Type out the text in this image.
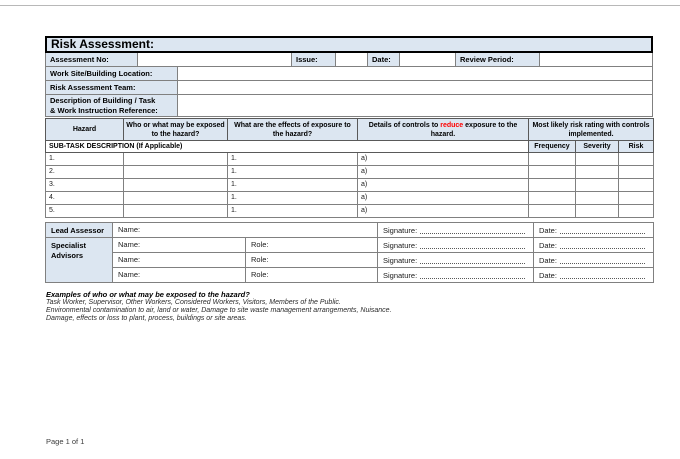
Risk Assessment:
Assessment No:	Issue:	Date:	Review Period:
Work Site/Building Location:
Risk Assessment Team:
Description of Building / Task
& Work Instruction Reference:
Hazard	Who or what may be exposed to the hazard?	What are the effects of exposure to the hazard?	Details of controls to reduce exposure to the hazard.	Most likely risk rating with controls implemented.		
SUB-TASK DESCRIPTION (If Applicable)				Frequency	Severity	Risk
1.		1.	a)			
2.		1.	a)			
3.		1.	a)			
4.		1.	a)			
5.		1.	a)			
Lead Assessor	Name:		Signature:	Date:

Specialist Advisors	Name:	Role:	Signature:	Date:

	Name:	Role:	Signature:	Date:

	Name:	Role:	Signature:	Date:
Examples of who or what may be exposed to the hazard?
Task Worker, Supervisor, Other Workers, Considered Workers, Visitors, Members of the Public.
Environmental contamination to air, land or water, Damage to site waste management arrangements, Nuisance.
Damage, effects or loss to plant, process, buildings or site areas.
Page 1 of 1
